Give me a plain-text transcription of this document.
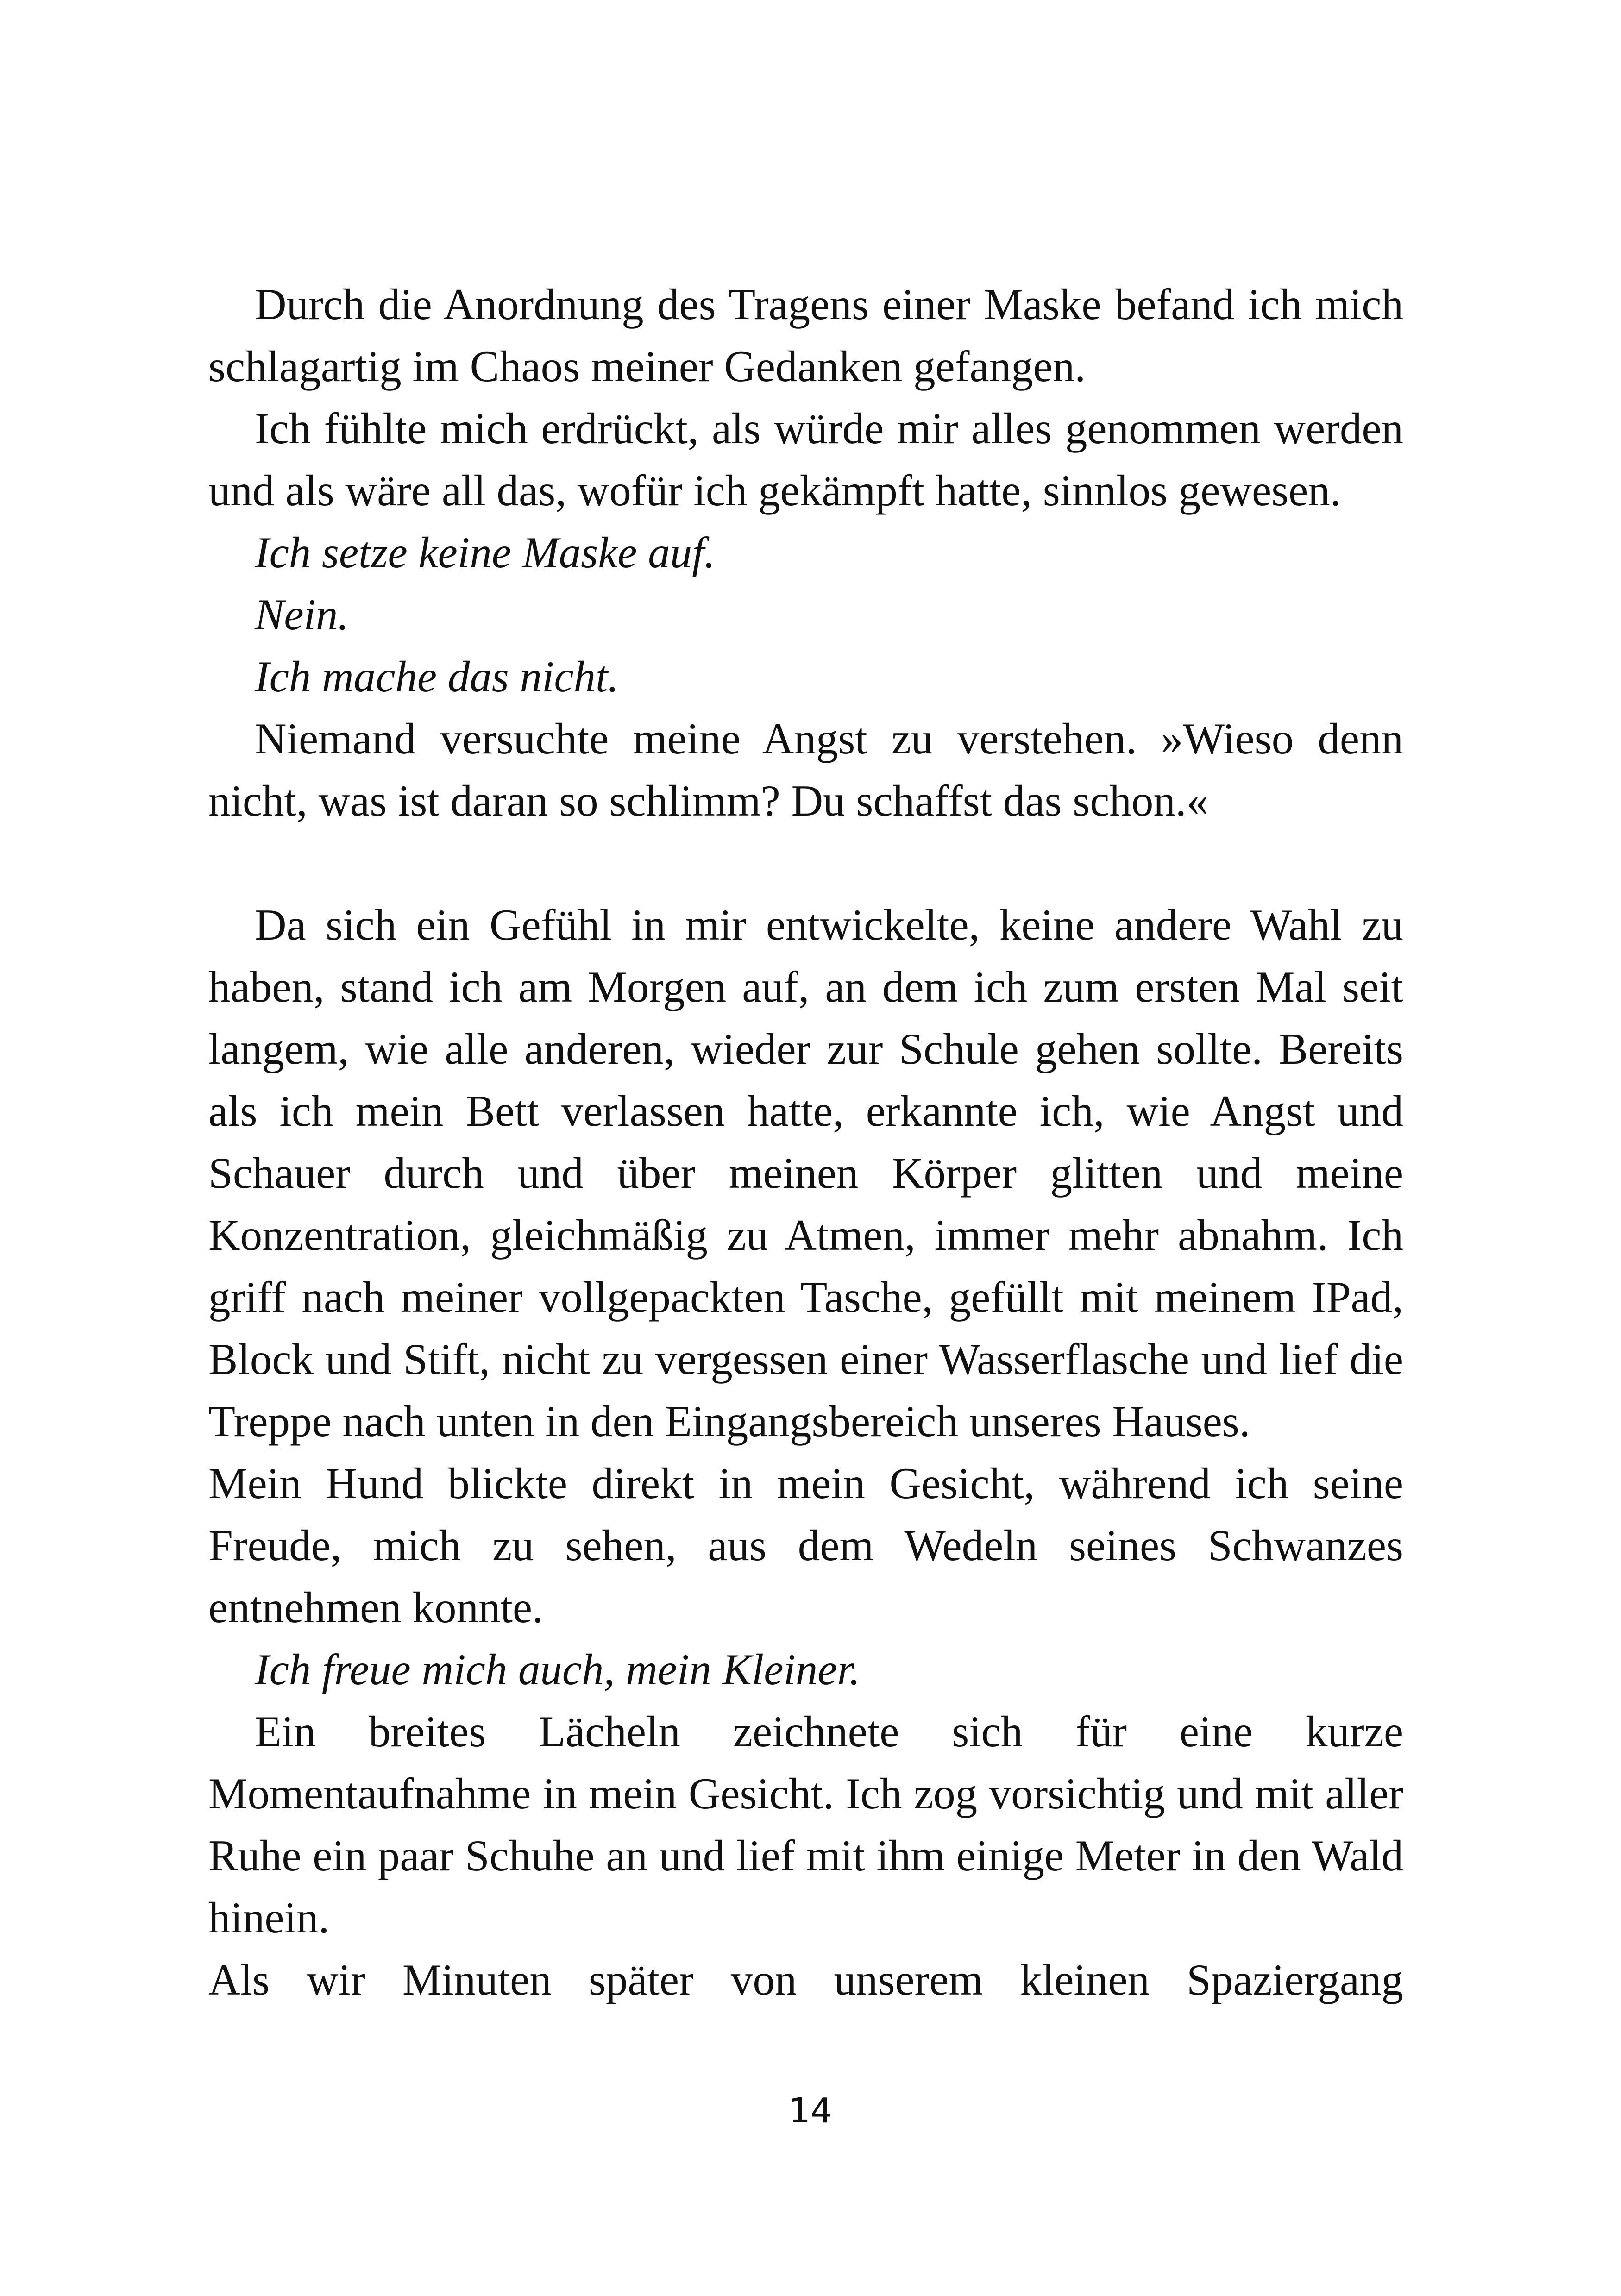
Durch die Anordnung des Tragens einer Maske befand ich mich schlagartig im Chaos meiner Gedanken gefangen.

Ich fühlte mich erdrückt, als würde mir alles genommen werden und als wäre all das, wofür ich gekämpft hatte, sinnlos gewesen.

Ich setze keine Maske auf.

Nein.

Ich mache das nicht.

Niemand versuchte meine Angst zu verstehen. »Wieso denn nicht, was ist daran so schlimm? Du schaffst das schon.«

Da sich ein Gefühl in mir entwickelte, keine andere Wahl zu haben, stand ich am Morgen auf, an dem ich zum ersten Mal seit langem, wie alle anderen, wieder zur Schule gehen sollte. Bereits als ich mein Bett verlassen hatte, erkannte ich, wie Angst und Schauer durch und über meinen Körper glitten und meine Konzentration, gleichmäßig zu Atmen, immer mehr abnahm. Ich griff nach meiner vollgepackten Tasche, gefüllt mit meinem IPad, Block und Stift, nicht zu vergessen einer Wasserflasche und lief die Treppe nach unten in den Eingangsbereich unseres Hauses.

Mein Hund blickte direkt in mein Gesicht, während ich seine Freude, mich zu sehen, aus dem Wedeln seines Schwanzes entnehmen konnte.

Ich freue mich auch, mein Kleiner.

Ein breites Lächeln zeichnete sich für eine kurze Momentaufnahme in mein Gesicht. Ich zog vorsichtig und mit aller Ruhe ein paar Schuhe an und lief mit ihm einige Meter in den Wald hinein.

Als wir Minuten später von unserem kleinen Spaziergang

14
